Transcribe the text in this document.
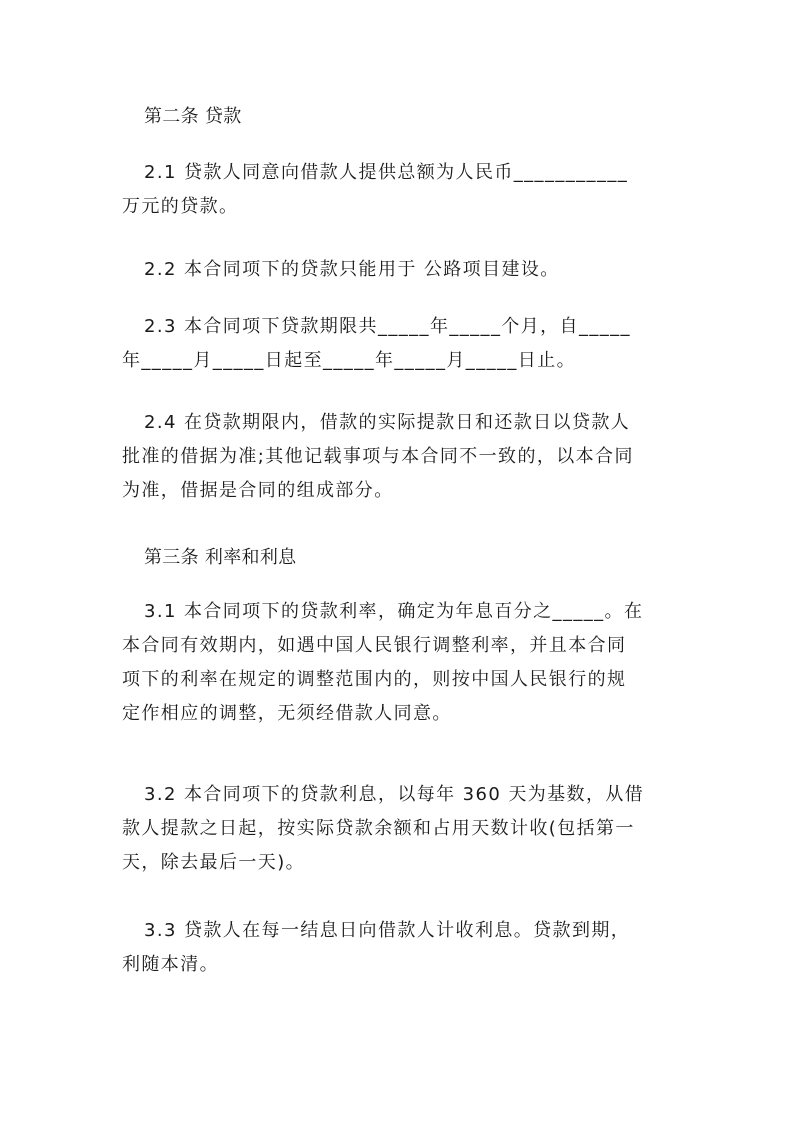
第二条 贷款
2.1 贷款人同意向借款人提供总额为人民币___________
万元的贷款。
2.2 本合同项下的贷款只能用于 公路项目建设。
2.3 本合同项下贷款期限共_____年_____个月，自_____
年_____月_____日起至_____年_____月_____日止。
2.4 在贷款期限内，借款的实际提款日和还款日以贷款人
批准的借据为准;其他记载事项与本合同不一致的，以本合同
为准，借据是合同的组成部分。
第三条 利率和利息
3.1 本合同项下的贷款利率，确定为年息百分之_____。在
本合同有效期内，如遇中国人民银行调整利率，并且本合同
项下的利率在规定的调整范围内的，则按中国人民银行的规
定作相应的调整，无须经借款人同意。
3.2 本合同项下的贷款利息，以每年 360 天为基数，从借
款人提款之日起，按实际贷款余额和占用天数计收(包括第一
天，除去最后一天)。
3.3 贷款人在每一结息日向借款人计收利息。贷款到期，
利随本清。
